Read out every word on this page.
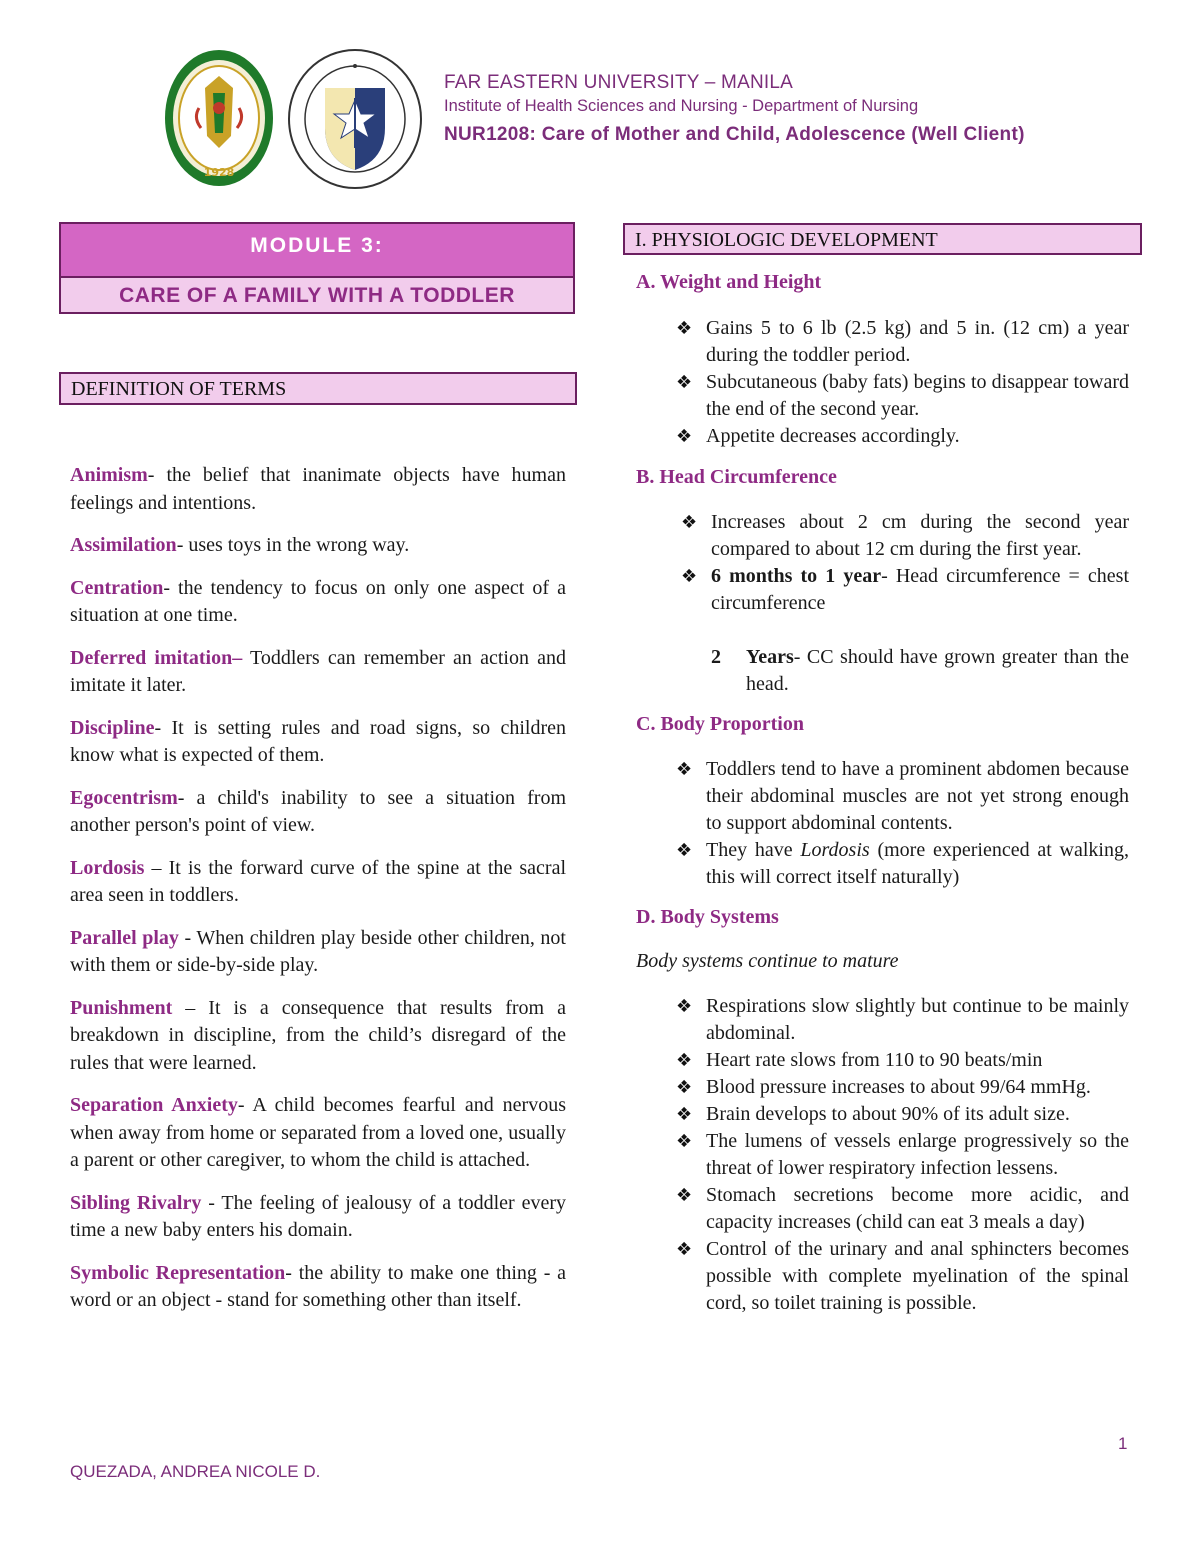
1928
FAR EASTERN UNIVERSITY – MANILA
Institute of Health Sciences and Nursing - Department of Nursing
NUR1208: Care of Mother and Child, Adolescence (Well Client)
MODULE 3:
CARE OF A FAMILY WITH A TODDLER
DEFINITION OF TERMS

Animism- the belief that inanimate objects have human feelings and intentions.

Assimilation- uses toys in the wrong way.

Centration- the tendency to focus on only one aspect of a situation at one time.

Deferred imitation– Toddlers can remember an action and imitate it later.

Discipline- It is setting rules and road signs, so children know what is expected of them.

Egocentrism- a child's inability to see a situation from another person's point of view.

Lordosis – It is the forward curve of the spine at the sacral area seen in toddlers.

Parallel play - When children play beside other children, not with them or side-by-side play.

Punishment – It is a consequence that results from a breakdown in discipline, from the child’s disregard of the rules that were learned.

Separation Anxiety- A child becomes fearful and nervous when away from home or separated from a loved one, usually a parent or other caregiver, to whom the child is attached.

Sibling Rivalry - The feeling of jealousy of a toddler every time a new baby enters his domain.

Symbolic Representation- the ability to make one thing - a word or an object - stand for something other than itself.

I. PHYSIOLOGIC DEVELOPMENT
A. Weight and Height
❖ Gains 5 to 6 lb (2.5 kg) and 5 in. (12 cm) a year during the toddler period.
❖ Subcutaneous (baby fats) begins to disappear toward the end of the second year.
❖ Appetite decreases accordingly.
B. Head Circumference
❖ Increases about 2 cm during the second year compared to about 12 cm during the first year.
❖ 6 months to 1 year- Head circumference = chest circumference
2 Years- CC should have grown greater than the head.
C. Body Proportion
❖ Toddlers tend to have a prominent abdomen because their abdominal muscles are not yet strong enough to support abdominal contents.
❖ They have Lordosis (more experienced at walking, this will correct itself naturally)
D. Body Systems
Body systems continue to mature
❖ Respirations slow slightly but continue to be mainly abdominal.
❖ Heart rate slows from 110 to 90 beats/min
❖ Blood pressure increases to about 99/64 mmHg.
❖ Brain develops to about 90% of its adult size.
❖ The lumens of vessels enlarge progressively so the threat of lower respiratory infection lessens.
❖ Stomach secretions become more acidic, and capacity increases (child can eat 3 meals a day)
❖ Control of the urinary and anal sphincters becomes possible with complete myelination of the spinal cord, so toilet training is possible.
1
QUEZADA, ANDREA NICOLE D.
